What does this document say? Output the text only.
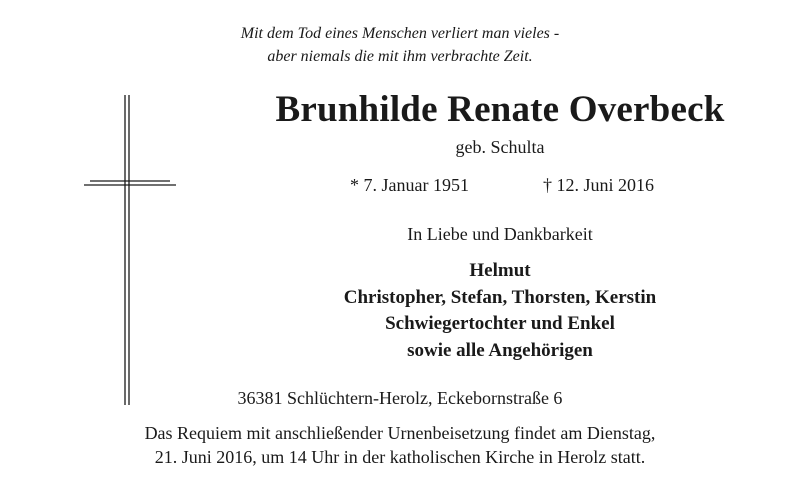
Mit dem Tod eines Menschen verliert man vieles -
aber niemals die mit ihm verbrachte Zeit.
Brunhilde Renate Overbeck
geb. Schulta
* 7. Januar 1951	† 12. Juni 2016
In Liebe und Dankbarkeit
Helmut
Christopher, Stefan, Thorsten, Kerstin
Schwiegertochter und Enkel
sowie alle Angehörigen
36381 Schlüchtern-Herolz, Eckebornstraße 6
Das Requiem mit anschließender Urnenbeisetzung findet am Dienstag,
21. Juni 2016, um 14 Uhr in der katholischen Kirche in Herolz statt.
